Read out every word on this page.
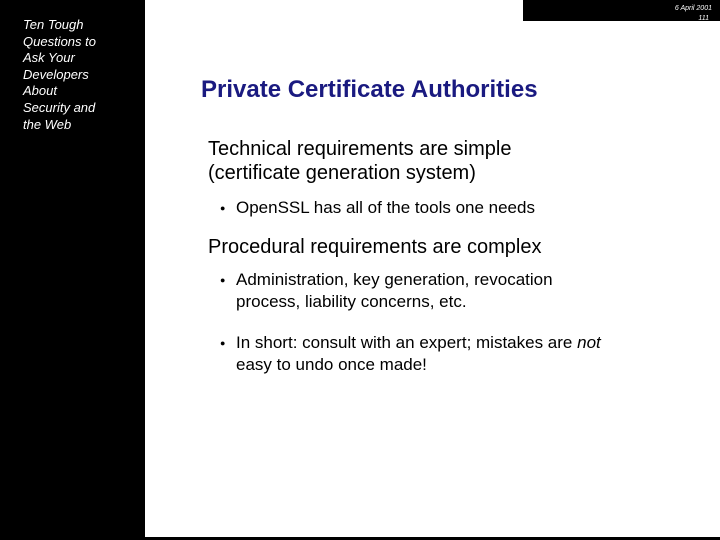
Ten Tough
Questions to
Ask Your
Developers
About
Security and
the Web
6 April 2001
111
Private Certificate Authorities
Technical requirements are simple
(certificate generation system)
● OpenSSL has all of the tools one needs
Procedural requirements are complex
● Administration, key generation, revocation
process, liability concerns, etc.
● In short: consult with an expert; mistakes are not
easy to undo once made!
